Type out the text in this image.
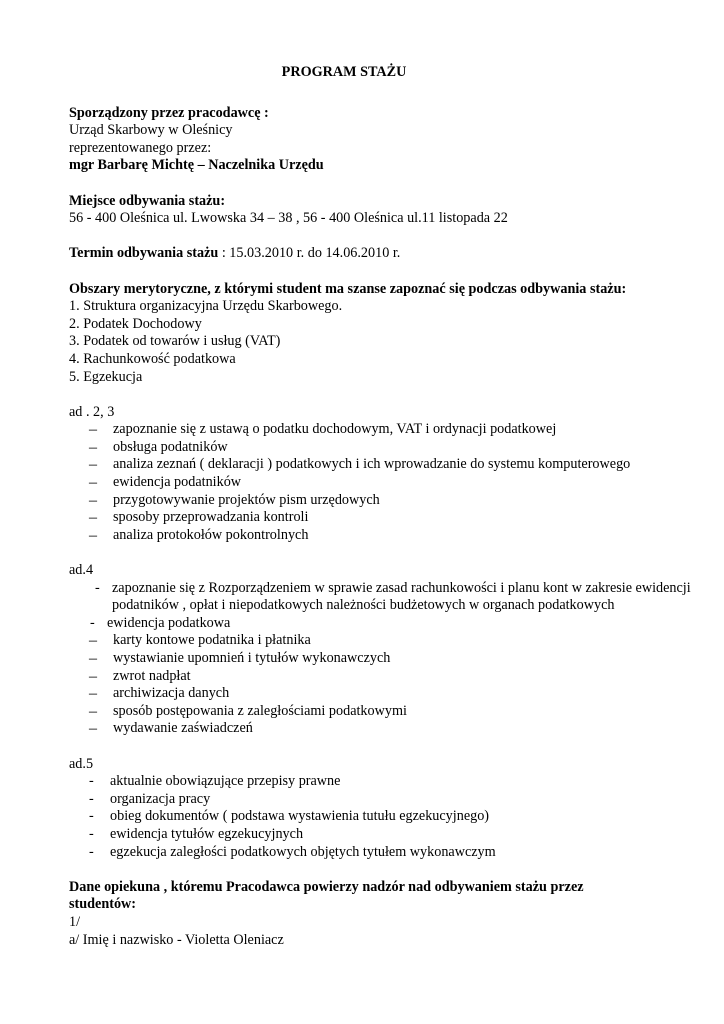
PROGRAM STAŻU

Sporządzony przez pracodawcę :

Urząd Skarbowy w Oleśnicy

reprezentowanego przez:

mgr Barbarę Michtę – Naczelnika Urzędu

Miejsce odbywania stażu:

56 - 400 Oleśnica ul. Lwowska 34 – 38 , 56 - 400 Oleśnica ul.11 listopada 22

Termin odbywania stażu : 15.03.2010 r. do 14.06.2010 r.

Obszary merytoryczne, z którymi student ma szanse zapoznać się podczas odbywania stażu:

1. Struktura organizacyjna Urzędu Skarbowego.
2. Podatek Dochodowy
3. Podatek od towarów i usług (VAT)
4. Rachunkowość podatkowa
5. Egzekucja

ad . 2, 3

– zapoznanie się z ustawą o podatku dochodowym, VAT i ordynacji podatkowej
– obsługa podatników
– analiza zeznań ( deklaracji ) podatkowych i ich wprowadzanie do systemu komputerowego
– ewidencja podatników
– przygotowywanie projektów pism urzędowych
– sposoby przeprowadzania kontroli
– analiza protokołów pokontrolnych

ad.4

- zapoznanie się z Rozporządzeniem w sprawie zasad rachunkowości i planu kont w zakresie ewidencji podatników , opłat i niepodatkowych należności budżetowych w organach podatkowych
- ewidencja podatkowa
– karty kontowe podatnika i płatnika
– wystawianie upomnień i tytułów wykonawczych
– zwrot nadpłat
– archiwizacja danych
– sposób postępowania z zaległościami podatkowymi
– wydawanie zaświadczeń

ad.5

- aktualnie obowiązujące przepisy prawne
- organizacja pracy
- obieg dokumentów ( podstawa wystawienia tutułu egzekucyjnego)
- ewidencja tytułów egzekucyjnych
- egzekucja zaległości podatkowych objętych tytułem wykonawczym

Dane opiekuna , któremu Pracodawca powierzy nadzór nad odbywaniem stażu przez studentów:

1/

a/ Imię i nazwisko - Violetta Oleniacz
